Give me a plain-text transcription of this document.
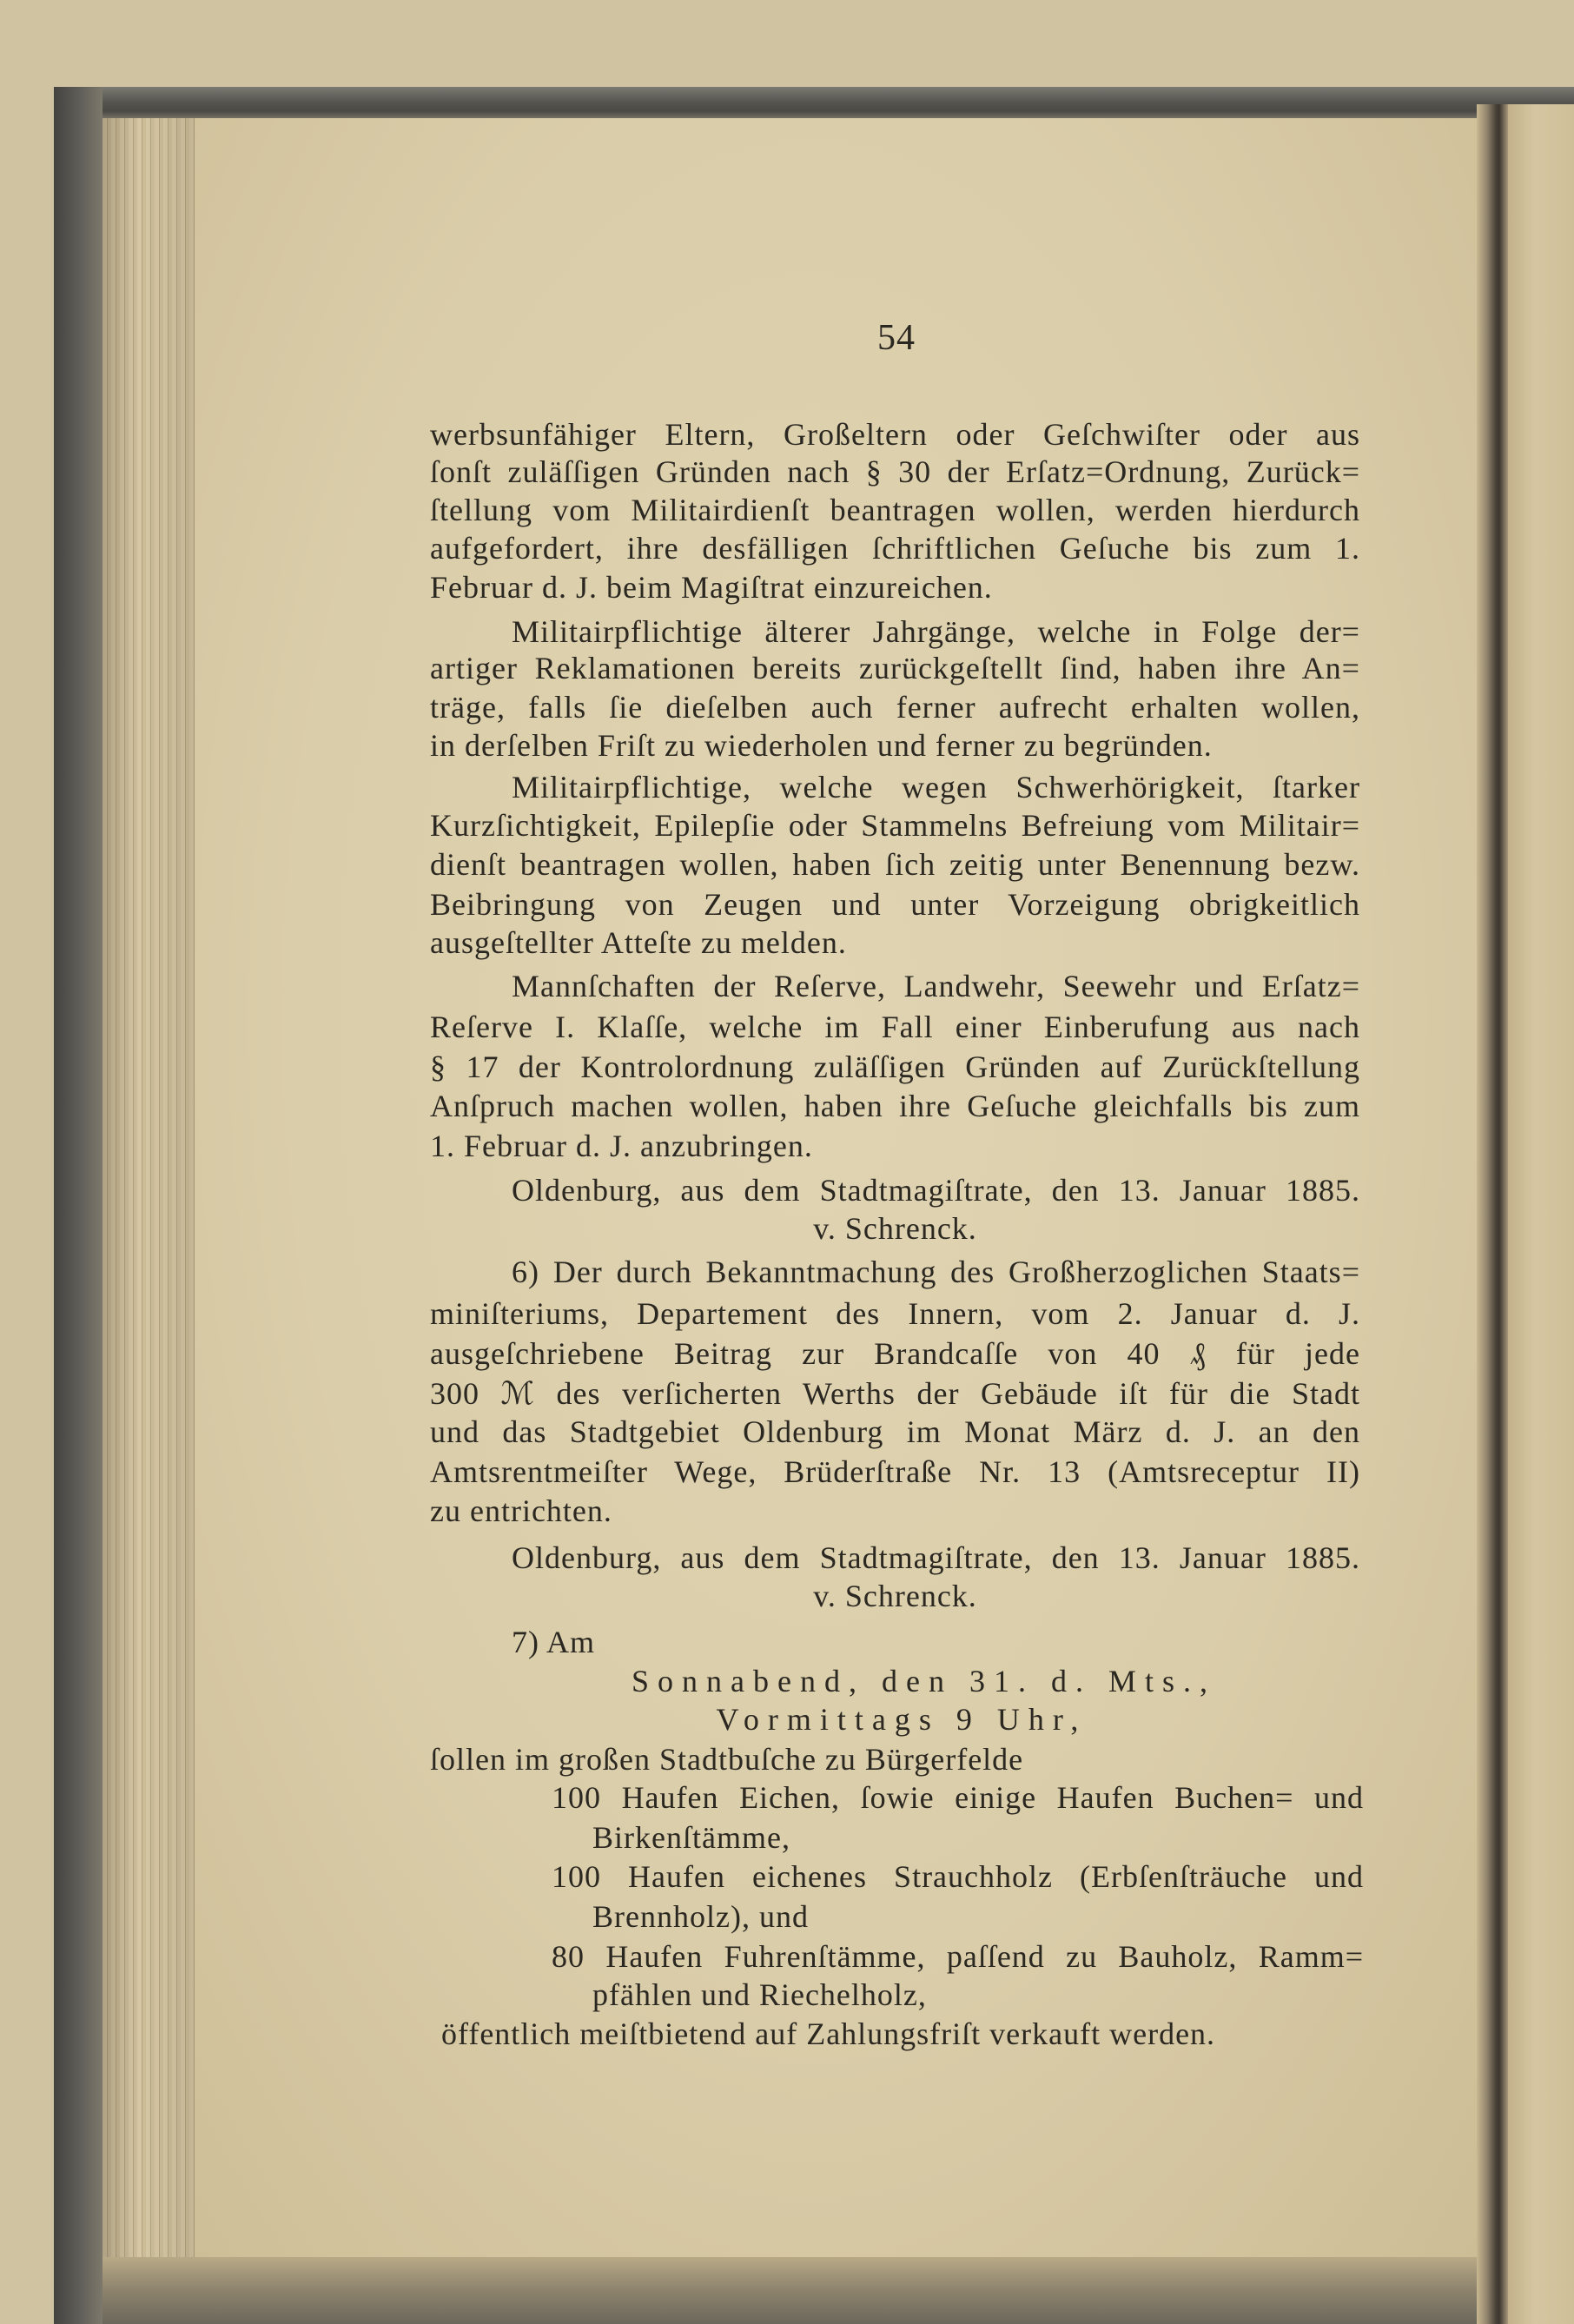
54
werbsunfähiger Eltern, Großeltern oder Geſchwiſter oder aus
ſonſt zuläſſigen Gründen nach § 30 der Erſatz=Ordnung, Zurück=
ſtellung vom Militairdienſt beantragen wollen, werden hierdurch
aufgefordert, ihre desfälligen ſchriftlichen Geſuche bis zum 1.
Februar d. J. beim Magiſtrat einzureichen.
Militairpflichtige älterer Jahrgänge, welche in Folge der=
artiger Reklamationen bereits zurückgeſtellt ſind, haben ihre An=
träge, falls ſie dieſelben auch ferner aufrecht erhalten wollen,
in derſelben Friſt zu wiederholen und ferner zu begründen.
Militairpflichtige, welche wegen Schwerhörigkeit, ſtarker
Kurzſichtigkeit, Epilepſie oder Stammelns Befreiung vom Militair=
dienſt beantragen wollen, haben ſich zeitig unter Benennung bezw.
Beibringung von Zeugen und unter Vorzeigung obrigkeitlich
ausgeſtellter Atteſte zu melden.
Mannſchaften der Reſerve, Landwehr, Seewehr und Erſatz=
Reſerve I. Klaſſe, welche im Fall einer Einberufung aus nach
§ 17 der Kontrolordnung zuläſſigen Gründen auf Zurückſtellung
Anſpruch machen wollen, haben ihre Geſuche gleichfalls bis zum
1. Februar d. J. anzubringen.
Oldenburg, aus dem Stadtmagiſtrate, den 13. Januar 1885.
v. Schrenck.
6) Der durch Bekanntmachung des Großherzoglichen Staats=
miniſteriums, Departement des Innern, vom 2. Januar d. J.
ausgeſchriebene Beitrag zur Brandcaſſe von 40 ₰ für jede
300 ℳ des verſicherten Werths der Gebäude iſt für die Stadt
und das Stadtgebiet Oldenburg im Monat März d. J. an den
Amtsrentmeiſter Wege, Brüderſtraße Nr. 13 (Amtsreceptur II)
zu entrichten.
Oldenburg, aus dem Stadtmagiſtrate, den 13. Januar 1885.
v. Schrenck.
7) Am
Sonnabend, den 31. d. Mts.,
Vormittags 9 Uhr,
ſollen im großen Stadtbuſche zu Bürgerfelde
100 Haufen Eichen, ſowie einige Haufen Buchen= und
Birkenſtämme,
100 Haufen eichenes Strauchholz (Erbſenſträuche und
Brennholz), und
80 Haufen Fuhrenſtämme, paſſend zu Bauholz, Ramm=
pfählen und Riechelholz,
öffentlich meiſtbietend auf Zahlungsfriſt verkauft werden.
